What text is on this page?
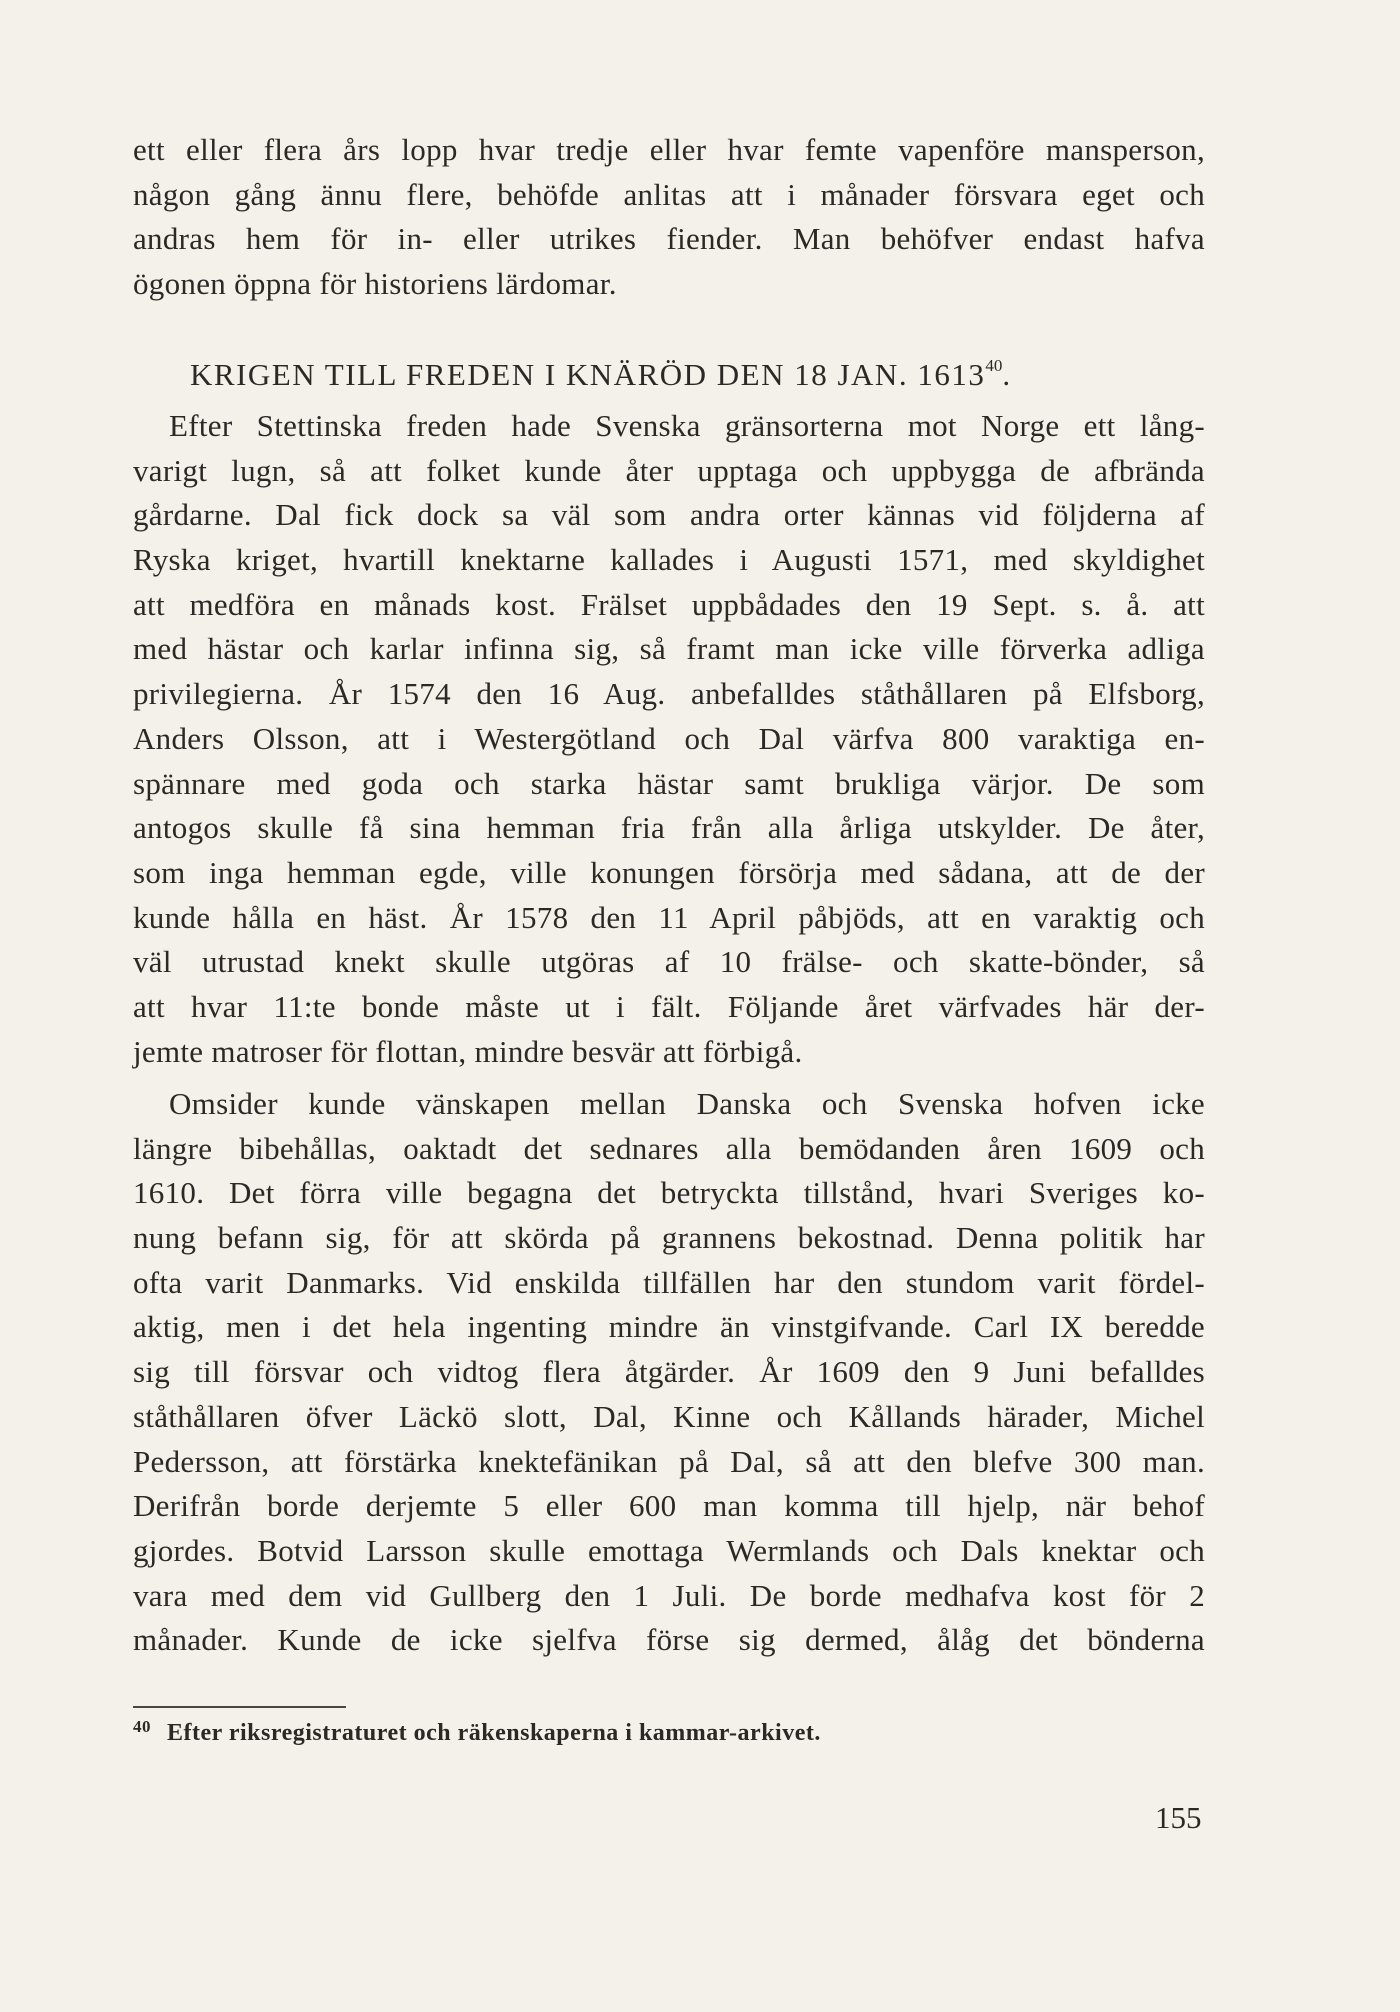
ett eller flera års lopp hvar tredje eller hvar femte vapenföre mansperson,
någon gång ännu flere, behöfde anlitas att i månader försvara eget och
andras hem för in- eller utrikes fiender. Man behöfver endast hafva
ögonen öppna för historiens lärdomar.
KRIGEN TILL FREDEN I KNÄRÖD DEN 18 JAN. 1613$^{40}$.
Efter Stettinska freden hade Svenska gränsorterna mot Norge ett lång-
varigt lugn, så att folket kunde åter upptaga och uppbygga de afbrända
gårdarne. Dal fick dock sa väl som andra orter kännas vid följderna af
Ryska kriget, hvartill knektarne kallades i Augusti 1571, med skyldighet
att medföra en månads kost. Frälset uppbådades den 19 Sept. s. å. att
med hästar och karlar infinna sig, så framt man icke ville förverka adliga
privilegierna. År 1574 den 16 Aug. anbefalldes ståthållaren på Elfsborg,
Anders Olsson, att i Westergötland och Dal värfva 800 varaktiga en-
spännare med goda och starka hästar samt brukliga värjor. De som
antogos skulle få sina hemman fria från alla årliga utskylder. De åter,
som inga hemman egde, ville konungen försörja med sådana, att de der
kunde hålla en häst. År 1578 den 11 April påbjöds, att en varaktig och
väl utrustad knekt skulle utgöras af 10 frälse- och skatte-bönder, så
att hvar 11:te bonde måste ut i fält. Följande året värfvades här der-
jemte matroser för flottan, mindre besvär att förbigå.
Omsider kunde vänskapen mellan Danska och Svenska hofven icke
längre bibehållas, oaktadt det sednares alla bemödanden åren 1609 och
1610. Det förra ville begagna det betryckta tillstånd, hvari Sveriges ko-
nung befann sig, för att skörda på grannens bekostnad. Denna politik har
ofta varit Danmarks. Vid enskilda tillfällen har den stundom varit fördel-
aktig, men i det hela ingenting mindre än vinstgifvande. Carl IX beredde
sig till försvar och vidtog flera åtgärder. År 1609 den 9 Juni befalldes
ståthållaren öfver Läckö slott, Dal, Kinne och Kållands härader, Michel
Pedersson, att förstärka knektefänikan på Dal, så att den blefve 300 man.
Derifrån borde derjemte 5 eller 600 man komma till hjelp, när behof
gjordes. Botvid Larsson skulle emottaga Wermlands och Dals knektar och
vara med dem vid Gullberg den 1 Juli. De borde medhafva kost för 2
månader. Kunde de icke sjelfva förse sig dermed, ålåg det bönderna
$^{40}$ Efter riksregistraturet och räkenskaperna i kammar-arkivet.
155
